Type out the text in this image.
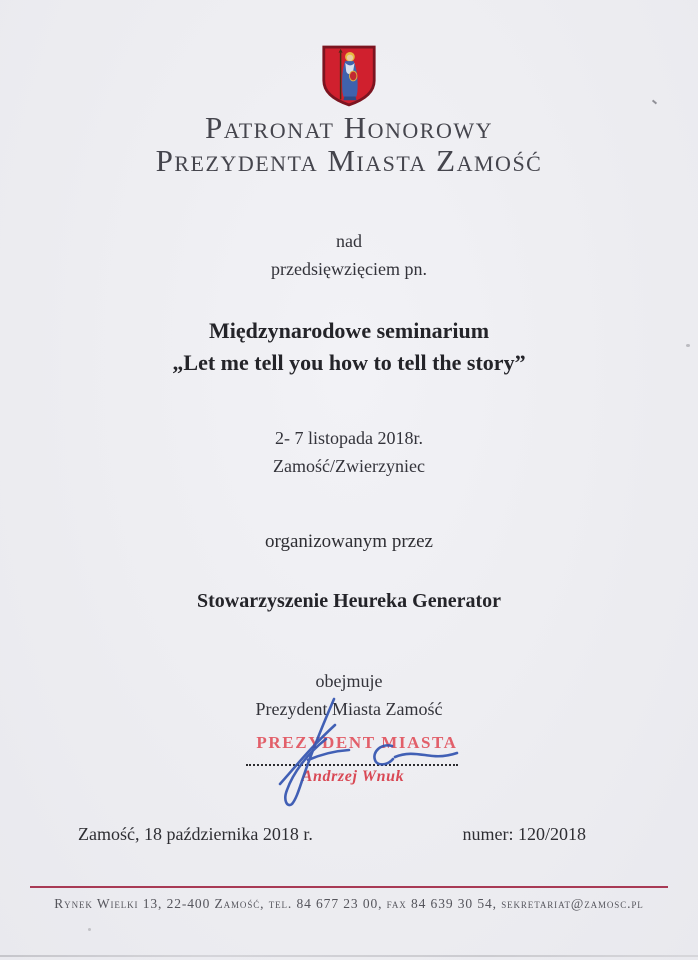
Patronat Honorowy
Prezydenta Miasta Zamość
nad
przedsięwzięciem pn.
Międzynarodowe seminarium
„Let me tell you how to tell the story”
2- 7 listopada 2018r.
Zamość/Zwierzyniec
organizowanym przez
Stowarzyszenie Heureka Generator
obejmuje
Prezydent Miasta Zamość
PREZYDENT MIASTA
Andrzej Wnuk
Zamość, 18 października 2018 r.	numer: 120/2018
Rynek Wielki 13, 22-400 Zamość, tel. 84 677 23 00, fax 84 639 30 54, sekretariat@zamosc.pl
